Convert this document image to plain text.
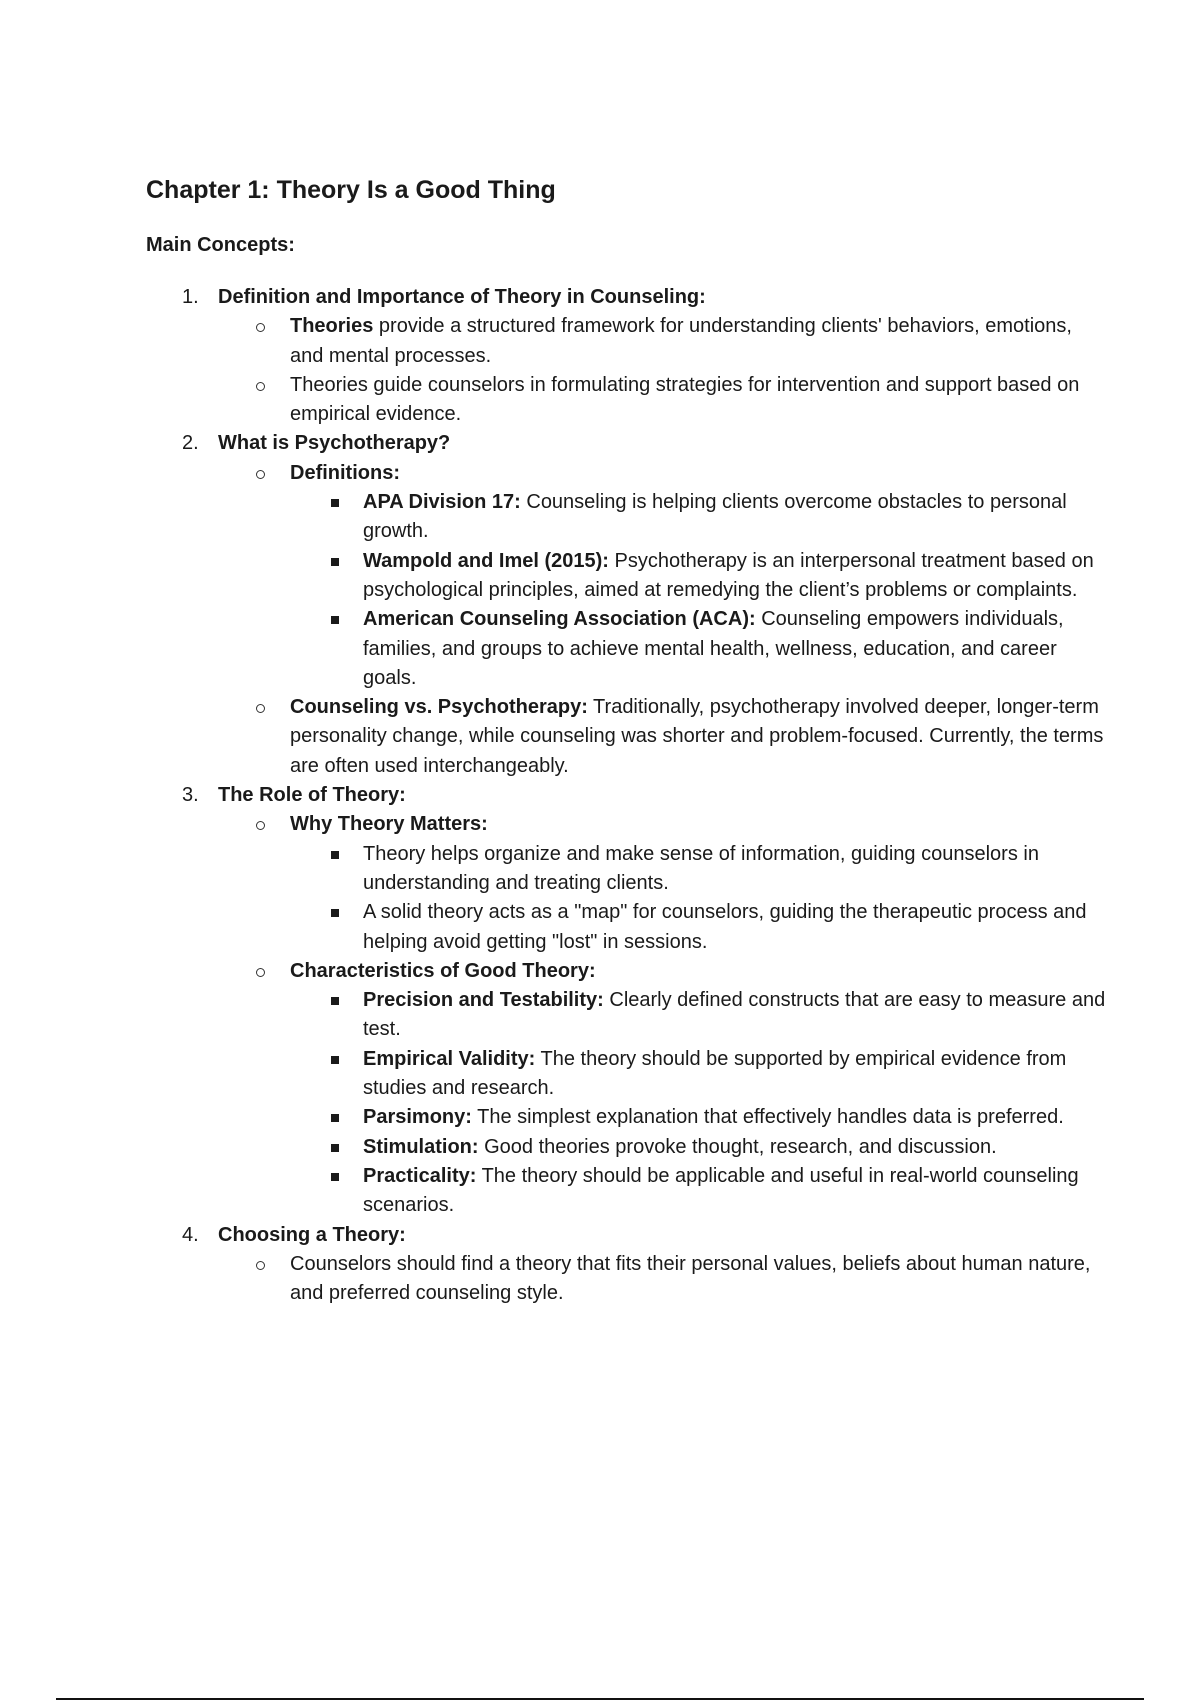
Chapter 1: Theory Is a Good Thing

Main Concepts:

1. Definition and Importance of Theory in Counseling:
Theories provide a structured framework for understanding clients' behaviors, emotions, and mental processes.
Theories guide counselors in formulating strategies for intervention and support based on empirical evidence.
2. What is Psychotherapy?
Definitions:
APA Division 17: Counseling is helping clients overcome obstacles to personal growth.
Wampold and Imel (2015): Psychotherapy is an interpersonal treatment based on psychological principles, aimed at remedying the client’s problems or complaints.
American Counseling Association (ACA): Counseling empowers individuals, families, and groups to achieve mental health, wellness, education, and career goals.
Counseling vs. Psychotherapy: Traditionally, psychotherapy involved deeper, longer-term personality change, while counseling was shorter and problem-focused. Currently, the terms are often used interchangeably.
3. The Role of Theory:
Why Theory Matters:
Theory helps organize and make sense of information, guiding counselors in understanding and treating clients.
A solid theory acts as a "map" for counselors, guiding the therapeutic process and helping avoid getting "lost" in sessions.
Characteristics of Good Theory:
Precision and Testability: Clearly defined constructs that are easy to measure and test.
Empirical Validity: The theory should be supported by empirical evidence from studies and research.
Parsimony: The simplest explanation that effectively handles data is preferred.
Stimulation: Good theories provoke thought, research, and discussion.
Practicality: The theory should be applicable and useful in real-world counseling scenarios.
4. Choosing a Theory:
Counselors should find a theory that fits their personal values, beliefs about human nature, and preferred counseling style.
